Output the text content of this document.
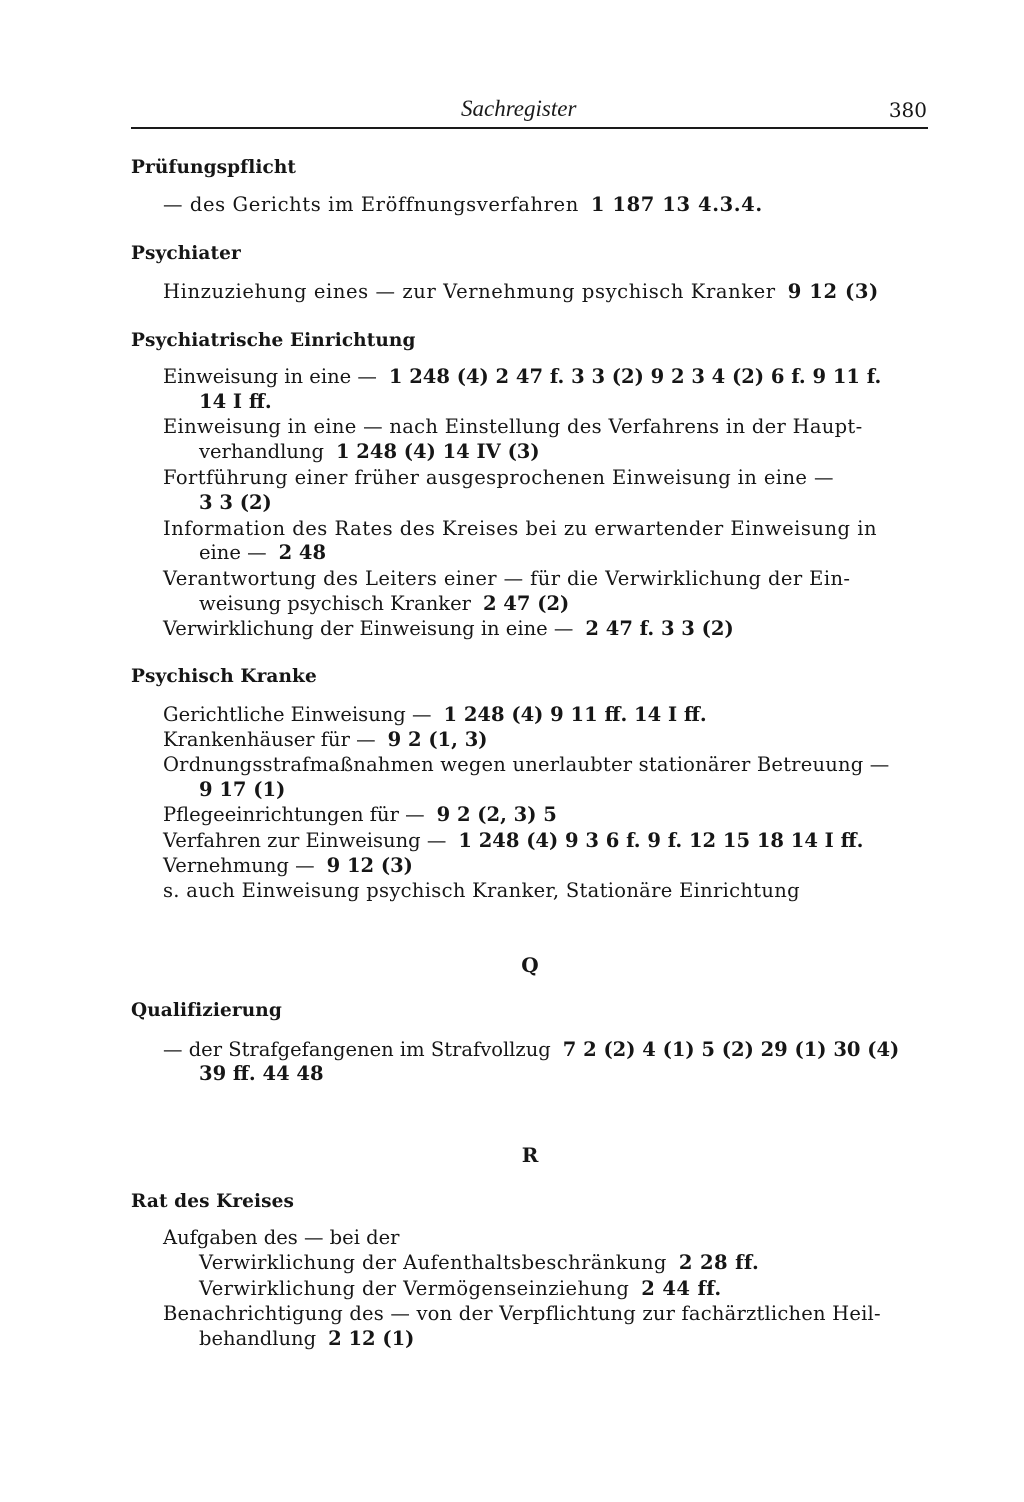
Sachregister	380
Prüfungspflicht
— des Gerichts im Eröffnungsverfahren 1 187 13 4.3.4.
Psychiater
Hinzuziehung eines — zur Vernehmung psychisch Kranker 9 12 (3)
Psychiatrische Einrichtung
Einweisung in eine — 1 248 (4) 2 47 f. 3 3 (2) 9 2 3 4 (2) 6 f. 9 11 f.
14 I ff.
Einweisung in eine — nach Einstellung des Verfahrens in der Haupt-
verhandlung 1 248 (4) 14 IV (3)
Fortführung einer früher ausgesprochenen Einweisung in eine —
3 3 (2)
Information des Rates des Kreises bei zu erwartender Einweisung in
eine — 2 48
Verantwortung des Leiters einer — für die Verwirklichung der Ein-
weisung psychisch Kranker 2 47 (2)
Verwirklichung der Einweisung in eine — 2 47 f. 3 3 (2)
Psychisch Kranke
Gerichtliche Einweisung — 1 248 (4) 9 11 ff. 14 I ff.
Krankenhäuser für — 9 2 (1, 3)
Ordnungsstrafmaßnahmen wegen unerlaubter stationärer Betreuung —
9 17 (1)
Pflegeeinrichtungen für — 9 2 (2, 3) 5
Verfahren zur Einweisung — 1 248 (4) 9 3 6 f. 9 f. 12 15 18 14 I ff.
Vernehmung — 9 12 (3)
s. auch Einweisung psychisch Kranker, Stationäre Einrichtung
Q
Qualifizierung
— der Strafgefangenen im Strafvollzug 7 2 (2) 4 (1) 5 (2) 29 (1) 30 (4)
39 ff. 44 48
R
Rat des Kreises
Aufgaben des — bei der
Verwirklichung der Aufenthaltsbeschränkung 2 28 ff.
Verwirklichung der Vermögenseinziehung 2 44 ff.
Benachrichtigung des — von der Verpflichtung zur fachärztlichen Heil-
behandlung 2 12 (1)
